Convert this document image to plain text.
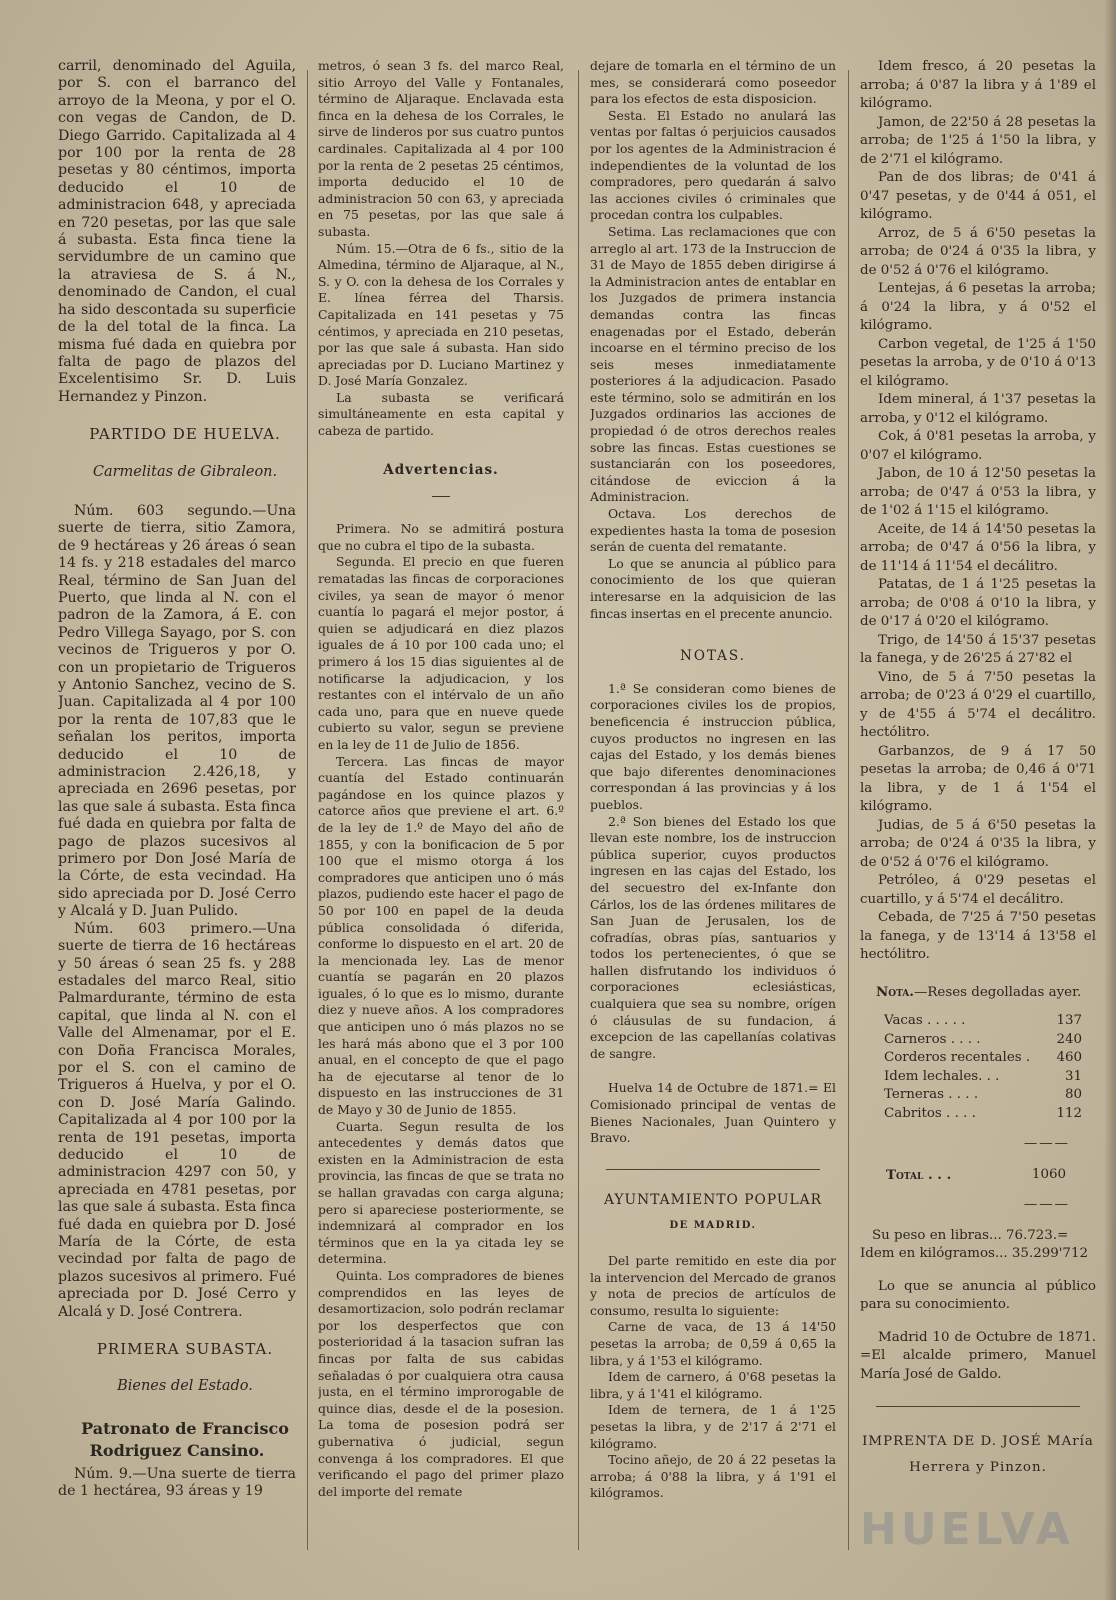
carril, denominado del Aguila, por S. con el barranco del arroyo de la Meona, y por el O. con vegas de Candon, de D. Diego Garrido. Capitalizada al 4 por 100 por la renta de 28 pesetas y 80 céntimos, importa deducido el 10 de administracion 648, y apreciada en 720 pesetas, por las que sale á subasta. Esta finca tiene la servidumbre de un camino que la atraviesa de S. á N., denominado de Candon, el cual ha sido descontada su superficie de la del total de la finca. La misma fué dada en quiebra por falta de pago de plazos del Excelentisimo Sr. D. Luis Hernandez y Pinzon.

PARTIDO DE HUELVA.

Carmelitas de Gibraleon.

Núm. 603 segundo.—Una suerte de tierra, sitio Zamora, de 9 hectáreas y 26 áreas ó sean 14 fs. y 218 estadales del marco Real, término de San Juan del Puerto, que linda al N. con el padron de la Zamora, á E. con Pedro Villega Sayago, por S. con vecinos de Trigueros y por O. con un propietario de Trigueros y Antonio Sanchez, vecino de S. Juan. Capitalizada al 4 por 100 por la renta de 107,83 que le señalan los peritos, importa deducido el 10 de administracion 2.426,18, y apreciada en 2696 pesetas, por las que sale á subasta. Esta finca fué dada en quiebra por falta de pago de plazos sucesivos al primero por Don José María de la Córte, de esta vecindad. Ha sido apreciada por D. José Cerro y Alcalá y D. Juan Pulido.

Núm. 603 primero.—Una suerte de tierra de 16 hectáreas y 50 áreas ó sean 25 fs. y 288 estadales del marco Real, sitio Palmardurante, término de esta capital, que linda al N. con el Valle del Almenamar, por el E. con Doña Francisca Morales, por el S. con el camino de Trigueros á Huelva, y por el O. con D. José María Galindo. Capitalizada al 4 por 100 por la renta de 191 pesetas, importa deducido el 10 de administracion 4297 con 50, y apreciada en 4781 pesetas, por las que sale á subasta. Esta finca fué dada en quiebra por D. José María de la Córte, de esta vecindad por falta de pago de plazos sucesivos al primero. Fué apreciada por D. José Cerro y Alcalá y D. José Contrera.

PRIMERA SUBASTA.

Bienes del Estado.

Patronato de Francisco Rodriguez Cansino.

Núm. 9.—Una suerte de tierra de 1 hectárea, 93 áreas y 19

metros, ó sean 3 fs. del marco Real, sitio Arroyo del Valle y Fontanales, término de Aljaraque. Enclavada esta finca en la dehesa de los Corrales, le sirve de linderos por sus cuatro puntos cardinales. Capitalizada al 4 por 100 por la renta de 2 pesetas 25 céntimos, importa deducido el 10 de administracion 50 con 63, y apreciada en 75 pesetas, por las que sale á subasta.

Núm. 15.—Otra de 6 fs., sitio de la Almedina, término de Aljaraque, al N., S. y O. con la dehesa de los Corrales y E. línea férrea del Tharsis. Capitalizada en 141 pesetas y 75 céntimos, y apreciada en 210 pesetas, por las que sale á subasta. Han sido apreciadas por D. Luciano Martinez y D. José María Gonzalez.

La subasta se verificará simultáneamente en esta capital y cabeza de partido.

Advertencias.

Primera. No se admitirá postura que no cubra el tipo de la subasta.

Segunda. El precio en que fueren rematadas las fincas de corporaciones civiles, ya sean de mayor ó menor cuantía lo pagará el mejor postor, á quien se adjudicará en diez plazos iguales de á 10 por 100 cada uno; el primero á los 15 dias siguientes al de notificarse la adjudicacion, y los restantes con el intérvalo de un año cada uno, para que en nueve quede cubierto su valor, segun se previene en la ley de 11 de Julio de 1856.

Tercera. Las fincas de mayor cuantía del Estado continuarán pagándose en los quince plazos y catorce años que previene el art. 6.º de la ley de 1.º de Mayo del año de 1855, y con la bonificacion de 5 por 100 que el mismo otorga á los compradores que anticipen uno ó más plazos, pudiendo este hacer el pago de 50 por 100 en papel de la deuda pública consolidada ó diferida, conforme lo dispuesto en el art. 20 de la mencionada ley. Las de menor cuantía se pagarán en 20 plazos iguales, ó lo que es lo mismo, durante diez y nueve años. A los compradores que anticipen uno ó más plazos no se les hará más abono que el 3 por 100 anual, en el concepto de que el pago ha de ejecutarse al tenor de lo dispuesto en las instrucciones de 31 de Mayo y 30 de Junio de 1855.

Cuarta. Segun resulta de los antecedentes y demás datos que existen en la Administracion de esta provincia, las fincas de que se trata no se hallan gravadas con carga alguna; pero si apareciese posteriormente, se indemnizará al comprador en los términos que en la ya citada ley se determina.

Quinta. Los compradores de bienes comprendidos en las leyes de desamortizacion, solo podrán reclamar por los desperfectos que con posterioridad á la tasacion sufran las fincas por falta de sus cabidas señaladas ó por cualquiera otra causa justa, en el término improrogable de quince dias, desde el de la posesion. La toma de posesion podrá ser gubernativa ó judicial, segun convenga á los compradores. El que verificando el pago del primer plazo del importe del remate

dejare de tomarla en el término de un mes, se considerará como poseedor para los efectos de esta disposicion.

Sesta. El Estado no anulará las ventas por faltas ó perjuicios causados por los agentes de la Administracion é independientes de la voluntad de los compradores, pero quedarán á salvo las acciones civiles ó criminales que procedan contra los culpables.

Setima. Las reclamaciones que con arreglo al art. 173 de la Instruccion de 31 de Mayo de 1855 deben dirigirse á la Administracion antes de entablar en los Juzgados de primera instancia demandas contra las fincas enagenadas por el Estado, deberán incoarse en el término preciso de los seis meses inmediatamente posteriores á la adjudicacion. Pasado este término, solo se admitirán en los Juzgados ordinarios las acciones de propiedad ó de otros derechos reales sobre las fincas. Estas cuestiones se sustanciarán con los poseedores, citándose de eviccion á la Administracion.

Octava. Los derechos de expedientes hasta la toma de posesion serán de cuenta del rematante.

Lo que se anuncia al público para conocimiento de los que quieran interesarse en la adquisicion de las fincas insertas en el precente anuncio.

NOTAS.

1.ª Se consideran como bienes de corporaciones civiles los de propios, beneficencia é instruccion pública, cuyos productos no ingresen en las cajas del Estado, y los demás bienes que bajo diferentes denominaciones correspondan á las provincias y á los pueblos.

2.ª Son bienes del Estado los que llevan este nombre, los de instruccion pública superior, cuyos productos ingresen en las cajas del Estado, los del secuestro del ex-Infante don Cárlos, los de las órdenes militares de San Juan de Jerusalen, los de cofradías, obras pías, santuarios y todos los pertenecientes, ó que se hallen disfrutando los individuos ó corporaciones eclesiásticas, cualquiera que sea su nombre, orígen ó cláusulas de su fundacion, á excepcion de las capellanías colativas de sangre.

Huelva 14 de Octubre de 1871.= El Comisionado principal de ventas de Bienes Nacionales, Juan Quintero y Bravo.

AYUNTAMIENTO POPULAR

DE MADRID.

Del parte remitido en este dia por la intervencion del Mercado de granos y nota de precios de artículos de consumo, resulta lo siguiente:

Carne de vaca, de 13 á 14'50 pesetas la arroba; de 0,59 á 0,65 la libra, y á 1'53 el kilógramo.

Idem de carnero, á 0'68 pesetas la libra, y á 1'41 el kilógramo.

Idem de ternera, de 1 á 1'25 pesetas la libra, y de 2'17 á 2'71 el kilógramo.

Tocino añejo, de 20 á 22 pesetas la arroba; á 0'88 la libra, y á 1'91 el kilógramos.

Idem fresco, á 20 pesetas la arroba; á 0'87 la libra y á 1'89 el kilógramo.

Jamon, de 22'50 á 28 pesetas la arroba; de 1'25 á 1'50 la libra, y de 2'71 el kilógramo.

Pan de dos libras; de 0'41 á 0'47 pesetas, y de 0'44 á 051, el kilógramo.

Arroz, de 5 á 6'50 pesetas la arroba; de 0'24 á 0'35 la libra, y de 0'52 á 0'76 el kilógramo.

Lentejas, á 6 pesetas la arroba; á 0'24 la libra, y á 0'52 el kilógramo.

Carbon vegetal, de 1'25 á 1'50 pesetas la arroba, y de 0'10 á 0'13 el kilógramo.

Idem mineral, á 1'37 pesetas la arroba, y 0'12 el kilógramo.

Cok, á 0'81 pesetas la arroba, y 0'07 el kilógramo.

Jabon, de 10 á 12'50 pesetas la arroba; de 0'47 á 0'53 la libra, y de 1'02 á 1'15 el kilógramo.

Aceite, de 14 á 14'50 pesetas la arroba; de 0'47 á 0'56 la libra, y de 11'14 á 11'54 el decálitro.

Patatas, de 1 á 1'25 pesetas la arroba; de 0'08 á 0'10 la libra, y de 0'17 á 0'20 el kilógramo.

Trigo, de 14'50 á 15'37 pesetas la fanega, y de 26'25 á 27'82 el

Vino, de 5 á 7'50 pesetas la arroba; de 0'23 á 0'29 el cuartillo, y de 4'55 á 5'74 el decálitro. hectólitro.

Garbanzos, de 9 á 17 50 pesetas la arroba; de 0,46 á 0'71 la libra, y de 1 á 1'54 el kilógramo.

Judias, de 5 á 6'50 pesetas la arroba; de 0'24 á 0'35 la libra, y de 0'52 á 0'76 el kilógramo.

Petróleo, á 0'29 pesetas el cuartillo, y á 5'74 el decálitro.

Cebada, de 7'25 á 7'50 pesetas la fanega, y de 13'14 á 13'58 el hectólitro.

Nota.—Reses degolladas ayer.

Vacas . . . . .	137
Carneros . . . .	240
Corderos recentales .	460
Idem lechales. . .	31
Terneras . . . .	80
Cabritos . . . .	112
———
Total . . .	1060
———

Su peso en libras... 76.723.=

Idem en kilógramos... 35.299'712

Lo que se anuncia al público para su conocimiento.

Madrid 10 de Octubre de 1871. =El alcalde primero, Manuel María José de Galdo.

IMPRENTA DE D. JOSÉ MAría Herrera y Pinzon.

HUELVA
